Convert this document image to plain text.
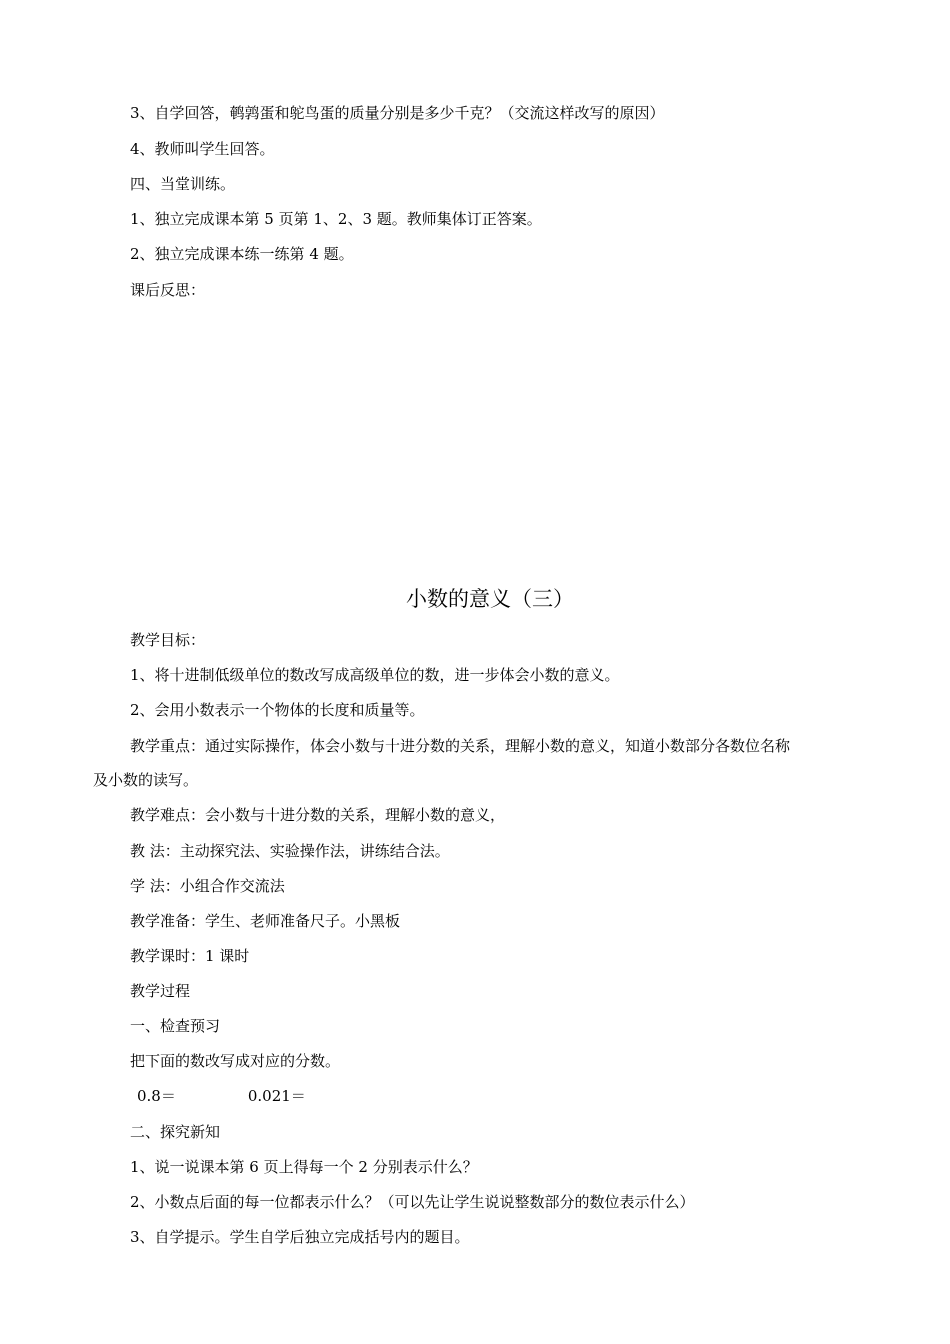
3、自学回答，鹌鹑蛋和鸵鸟蛋的质量分别是多少千克？（交流这样改写的原因）
4、教师叫学生回答。
四、当堂训练。
1、独立完成课本第 5 页第 1、2、3 题。教师集体订正答案。
2、独立完成课本练一练第 4 题。
课后反思：
小数的意义（三）
教学目标：
1、将十进制低级单位的数改写成高级单位的数，进一步体会小数的意义。
2、会用小数表示一个物体的长度和质量等。
教学重点：通过实际操作，体会小数与十进分数的关系，理解小数的意义，知道小数部分各数位名称
及小数的读写。
教学难点：会小数与十进分数的关系，理解小数的意义，
教 法：主动探究法、实验操作法，讲练结合法。
学 法：小组合作交流法
教学准备：学生、老师准备尺子。小黑板
教学课时：1 课时
教学过程
一、检查预习
把下面的数改写成对应的分数。
0.8＝	0.021＝
二、探究新知
1、说一说课本第 6 页上得每一个 2 分别表示什么？
2、小数点后面的每一位都表示什么？（可以先让学生说说整数部分的数位表示什么）
3、自学提示。学生自学后独立完成括号内的题目。
